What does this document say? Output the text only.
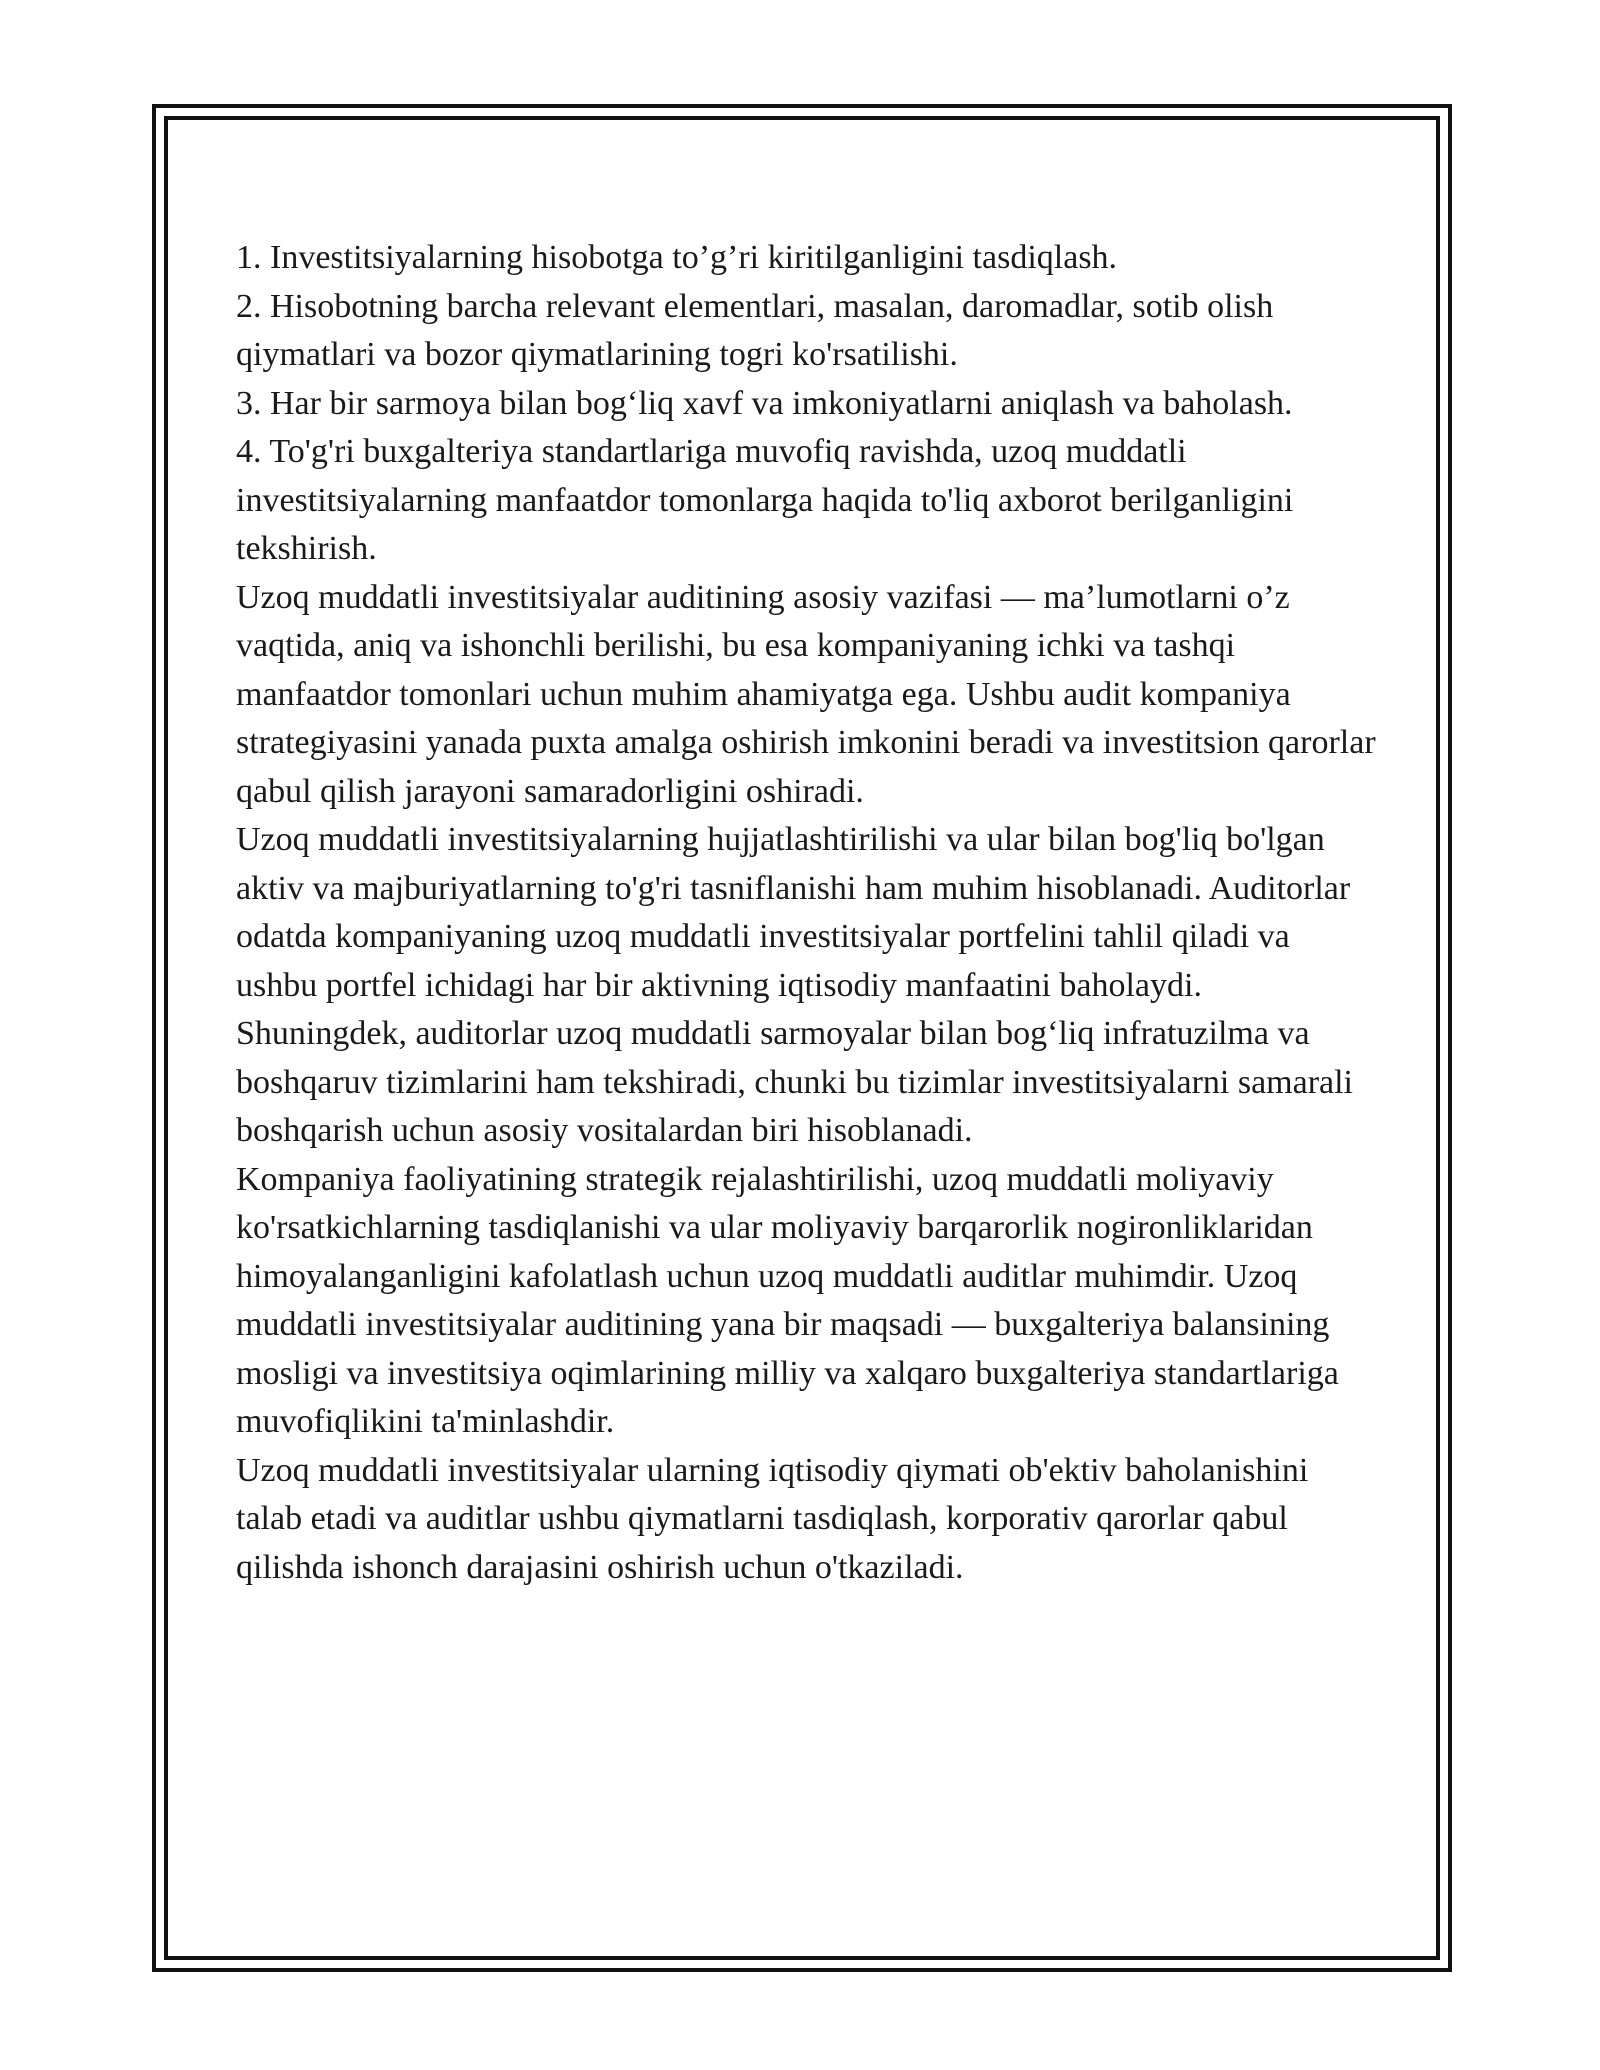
1. Investitsiyalarning hisobotga to’g’ri kiritilganligini tasdiqlash.

2. Hisobotning barcha relevant elementlari, masalan, daromadlar, sotib olish qiymatlari va bozor qiymatlarining togri ko'rsatilishi.

3. Har bir sarmoya bilan bog‘liq xavf va imkoniyatlarni aniqlash va baholash.

4. To'g'ri buxgalteriya standartlariga muvofiq ravishda, uzoq muddatli investitsiyalarning manfaatdor tomonlarga haqida to'liq axborot berilganligini tekshirish.

Uzoq muddatli investitsiyalar auditining asosiy vazifasi — ma’lumotlarni o’z vaqtida, aniq va ishonchli berilishi, bu esa kompaniyaning ichki va tashqi manfaatdor tomonlari uchun muhim ahamiyatga ega. Ushbu audit kompaniya strategiyasini yanada puxta amalga oshirish imkonini beradi va investitsion qarorlar qabul qilish jarayoni samaradorligini oshiradi.

Uzoq muddatli investitsiyalarning hujjatlashtirilishi va ular bilan bog'liq bo'lgan aktiv va majburiyatlarning to'g'ri tasniflanishi ham muhim hisoblanadi. Auditorlar odatda kompaniyaning uzoq muddatli investitsiyalar portfelini tahlil qiladi va ushbu portfel ichidagi har bir aktivning iqtisodiy manfaatini baholaydi. Shuningdek, auditorlar uzoq muddatli sarmoyalar bilan bog‘liq infratuzilma va boshqaruv tizimlarini ham tekshiradi, chunki bu tizimlar investitsiyalarni samarali boshqarish uchun asosiy vositalardan biri hisoblanadi.

Kompaniya faoliyatining strategik rejalashtirilishi, uzoq muddatli moliyaviy ko'rsatkichlarning tasdiqlanishi va ular moliyaviy barqarorlik nogironliklaridan himoyalanganligini kafolatlash uchun uzoq muddatli auditlar muhimdir. Uzoq muddatli investitsiyalar auditining yana bir maqsadi — buxgalteriya balansining mosligi va investitsiya oqimlarining milliy va xalqaro buxgalteriya standartlariga muvofiqlikini ta'minlashdir.

Uzoq muddatli investitsiyalar ularning iqtisodiy qiymati ob'ektiv baholanishini talab etadi va auditlar ushbu qiymatlarni tasdiqlash, korporativ qarorlar qabul qilishda ishonch darajasini oshirish uchun o'tkaziladi.
